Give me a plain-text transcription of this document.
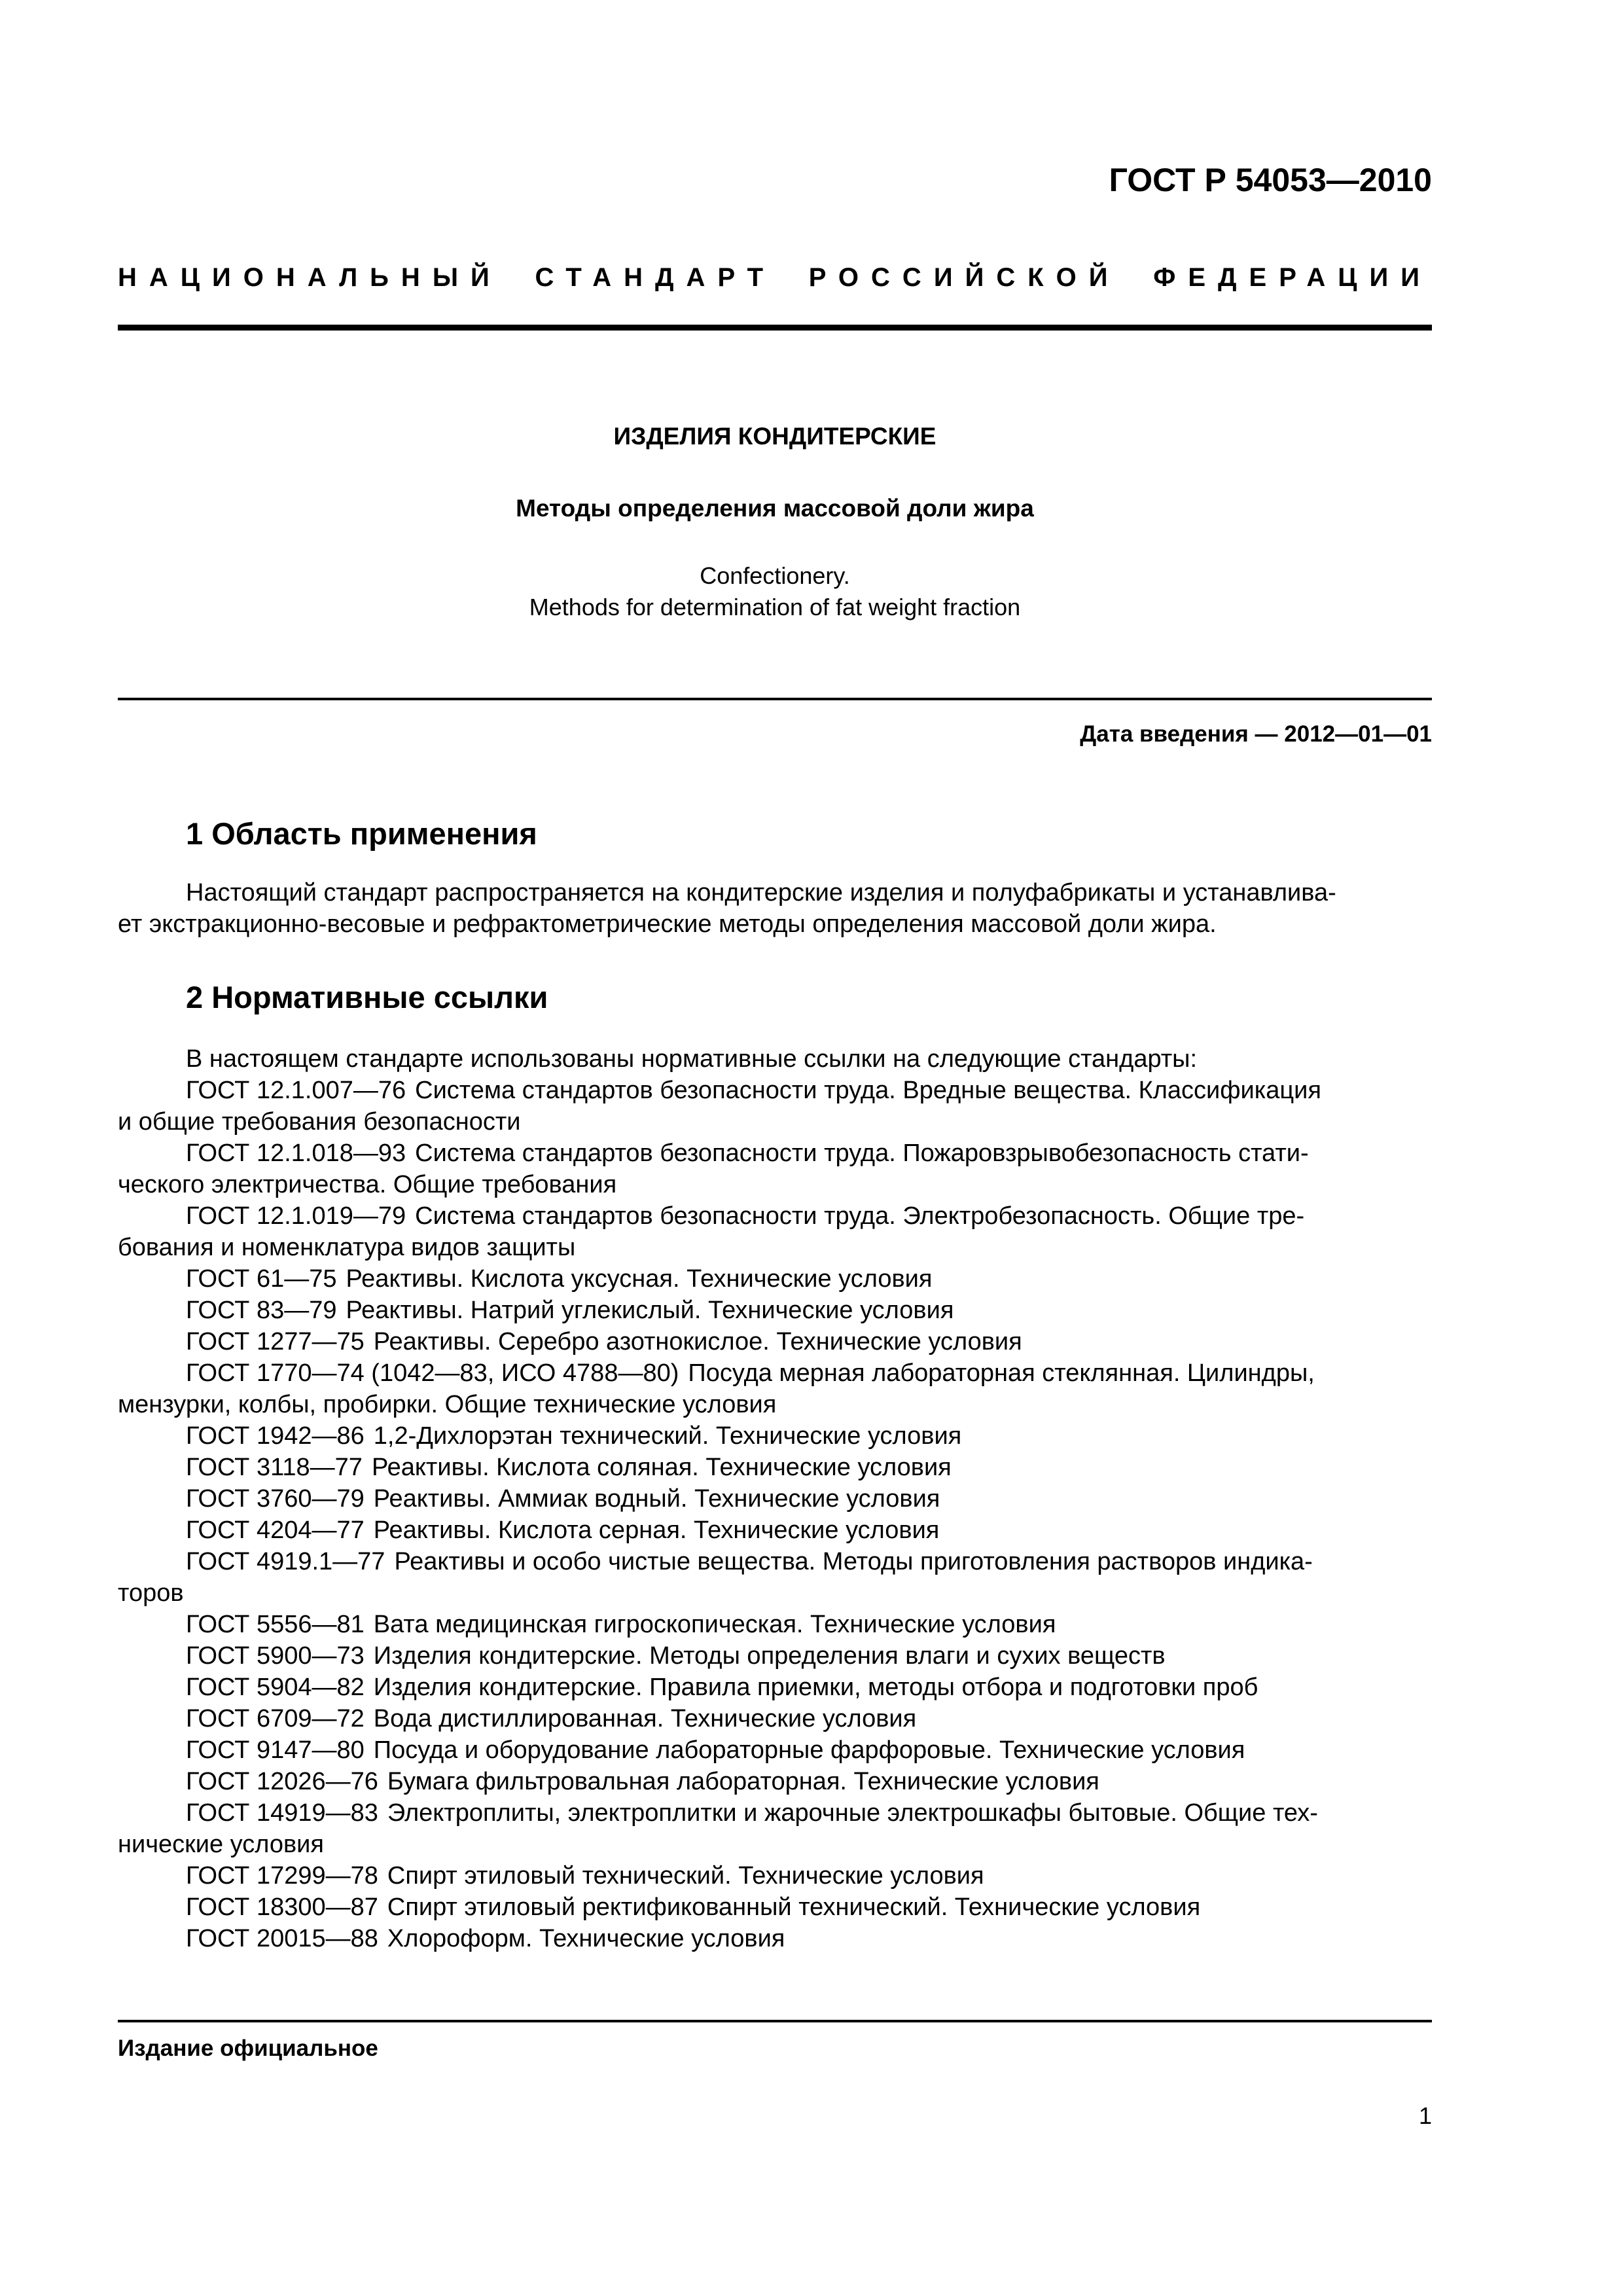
ГОСТ Р 54053—2010
НАЦИОНАЛЬНЫЙ СТАНДАРТ РОССИЙСКОЙ ФЕДЕРАЦИИ
ИЗДЕЛИЯ КОНДИТЕРСКИЕ
Методы определения массовой доли жира
Confectionery.
Methods for determination of fat weight fraction
Дата введения — 2012—01—01
1 Область применения
Настоящий стандарт распространяется на кондитерские изделия и полуфабрикаты и устанавлива-
ет экстракционно-весовые и рефрактометрические методы определения массовой доли жира.
2 Нормативные ссылки
В настоящем стандарте использованы нормативные ссылки на следующие стандарты:
ГОСТ 12.1.007—76 Система стандартов безопасности труда. Вредные вещества. Классификация
и общие требования безопасности
ГОСТ 12.1.018—93 Система стандартов безопасности труда. Пожаровзрывобезопасность стати-
ческого электричества. Общие требования
ГОСТ 12.1.019—79 Система стандартов безопасности труда. Электробезопасность. Общие тре-
бования и номенклатура видов защиты
ГОСТ 61—75 Реактивы. Кислота уксусная. Технические условия
ГОСТ 83—79 Реактивы. Натрий углекислый. Технические условия
ГОСТ 1277—75 Реактивы. Серебро азотнокислое. Технические условия
ГОСТ 1770—74 (1042—83, ИСО 4788—80) Посуда мерная лабораторная стеклянная. Цилиндры,
мензурки, колбы, пробирки. Общие технические условия
ГОСТ 1942—86 1,2-Дихлорэтан технический. Технические условия
ГОСТ 3118—77 Реактивы. Кислота соляная. Технические условия
ГОСТ 3760—79 Реактивы. Аммиак водный. Технические условия
ГОСТ 4204—77 Реактивы. Кислота серная. Технические условия
ГОСТ 4919.1—77 Реактивы и особо чистые вещества. Методы приготовления растворов индика-
торов
ГОСТ 5556—81 Вата медицинская гигроскопическая. Технические условия
ГОСТ 5900—73 Изделия кондитерские. Методы определения влаги и сухих веществ
ГОСТ 5904—82 Изделия кондитерские. Правила приемки, методы отбора и подготовки проб
ГОСТ 6709—72 Вода дистиллированная. Технические условия
ГОСТ 9147—80 Посуда и оборудование лабораторные фарфоровые. Технические условия
ГОСТ 12026—76 Бумага фильтровальная лабораторная. Технические условия
ГОСТ 14919—83 Электроплиты, электроплитки и жарочные электрошкафы бытовые. Общие тех-
нические условия
ГОСТ 17299—78 Спирт этиловый технический. Технические условия
ГОСТ 18300—87 Спирт этиловый ректификованный технический. Технические условия
ГОСТ 20015—88 Хлороформ. Технические условия
Издание официальное
1
